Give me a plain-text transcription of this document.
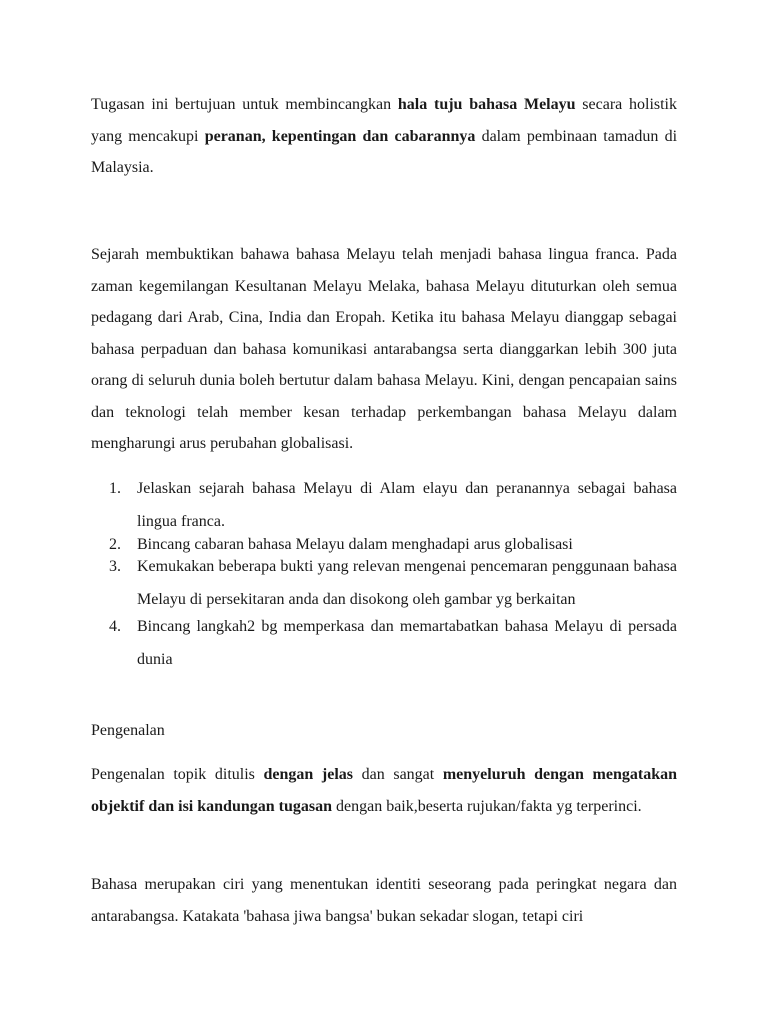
Tugasan ini bertujuan untuk membincangkan hala tuju bahasa Melayu secara holistik yang mencakupi peranan, kepentingan dan cabarannya dalam pembinaan tamadun di Malaysia.

Sejarah membuktikan bahawa bahasa Melayu telah menjadi bahasa lingua franca. Pada zaman kegemilangan Kesultanan Melayu Melaka, bahasa Melayu dituturkan oleh semua pedagang dari Arab, Cina, India dan Eropah. Ketika itu bahasa Melayu dianggap sebagai bahasa perpaduan dan bahasa komunikasi antarabangsa serta dianggarkan lebih 300 juta orang di seluruh dunia boleh bertutur dalam bahasa Melayu. Kini, dengan pencapaian sains dan teknologi telah member kesan terhadap perkembangan bahasa Melayu dalam mengharungi arus perubahan globalisasi.

1. Jelaskan sejarah bahasa Melayu di Alam elayu dan peranannya sebagai bahasa lingua franca.
2. Bincang cabaran bahasa Melayu dalam menghadapi arus globalisasi
3. Kemukakan beberapa bukti yang relevan mengenai pencemaran penggunaan bahasa Melayu di persekitaran anda dan disokong oleh gambar yg berkaitan
4. Bincang langkah2 bg memperkasa dan memartabatkan bahasa Melayu di persada dunia

Pengenalan

Pengenalan topik ditulis dengan jelas dan sangat menyeluruh dengan mengatakan objektif dan isi kandungan tugasan dengan baik,beserta rujukan/fakta yg terperinci.

Bahasa merupakan ciri yang menentukan identiti seseorang pada peringkat negara dan antarabangsa. Katakata 'bahasa jiwa bangsa' bukan sekadar slogan, tetapi ciri
